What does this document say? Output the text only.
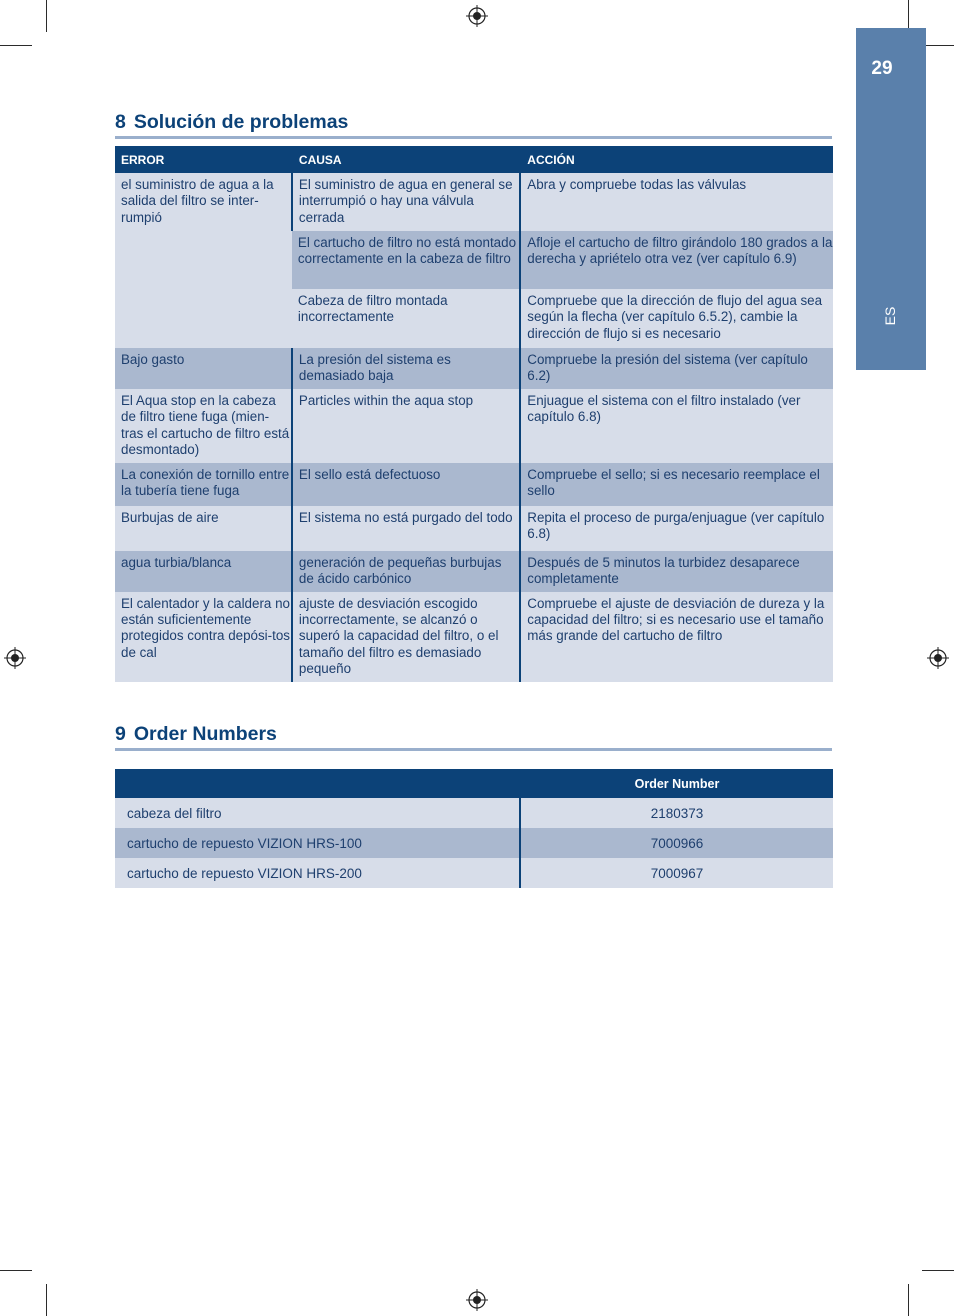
29
ES
8 Solución de problemas
ERROR	CAUSA	ACCIÓN
el suministro de agua a la salida del filtro se inter-rumpió	El suministro de agua en general se interrumpió o hay una válvula cerrada	Abra y compruebe todas las válvulas
	El cartucho de filtro no está montado correctamente en la cabeza de filtro	Afloje el cartucho de filtro girándolo 180 grados a la derecha y apriételo otra vez (ver capítulo 6.9)
	Cabeza de filtro montada incorrectamente	Compruebe que la dirección de flujo del agua sea según la flecha (ver capítulo 6.5.2), cambie la dirección de flujo si es necesario
Bajo gasto	La presión del sistema es demasiado baja	Compruebe la presión del sistema (ver capítulo 6.2)
El Aqua stop en la cabeza de filtro tiene fuga (mien-tras el cartucho de filtro está desmontado)	Particles within the aqua stop	Enjuague el sistema con el filtro instalado (ver capítulo 6.8)
La conexión de tornillo entre la tubería tiene fuga	El sello está defectuoso	Compruebe el sello; si es necesario reemplace el sello
Burbujas de aire	El sistema no está purgado del todo	Repita el proceso de purga/enjuague (ver capítulo 6.8)
agua turbia/blanca	generación de pequeñas burbujas de ácido carbónico	Después de 5 minutos la turbidez desaparece completamente
El calentador y la caldera no están suficientemente protegidos contra depósi-tos de cal	ajuste de desviación escogido incorrectamente, se alcanzó o superó la capacidad del filtro, o el tamaño del filtro es demasiado pequeño	Compruebe el ajuste de desviación de dureza y la capacidad del filtro; si es necesario use el tamaño más grande del cartucho de filtro
9 Order Numbers
	Order Number
cabeza del filtro	2180373
cartucho de repuesto VIZION HRS-100	7000966
cartucho de repuesto VIZION HRS-200	7000967
